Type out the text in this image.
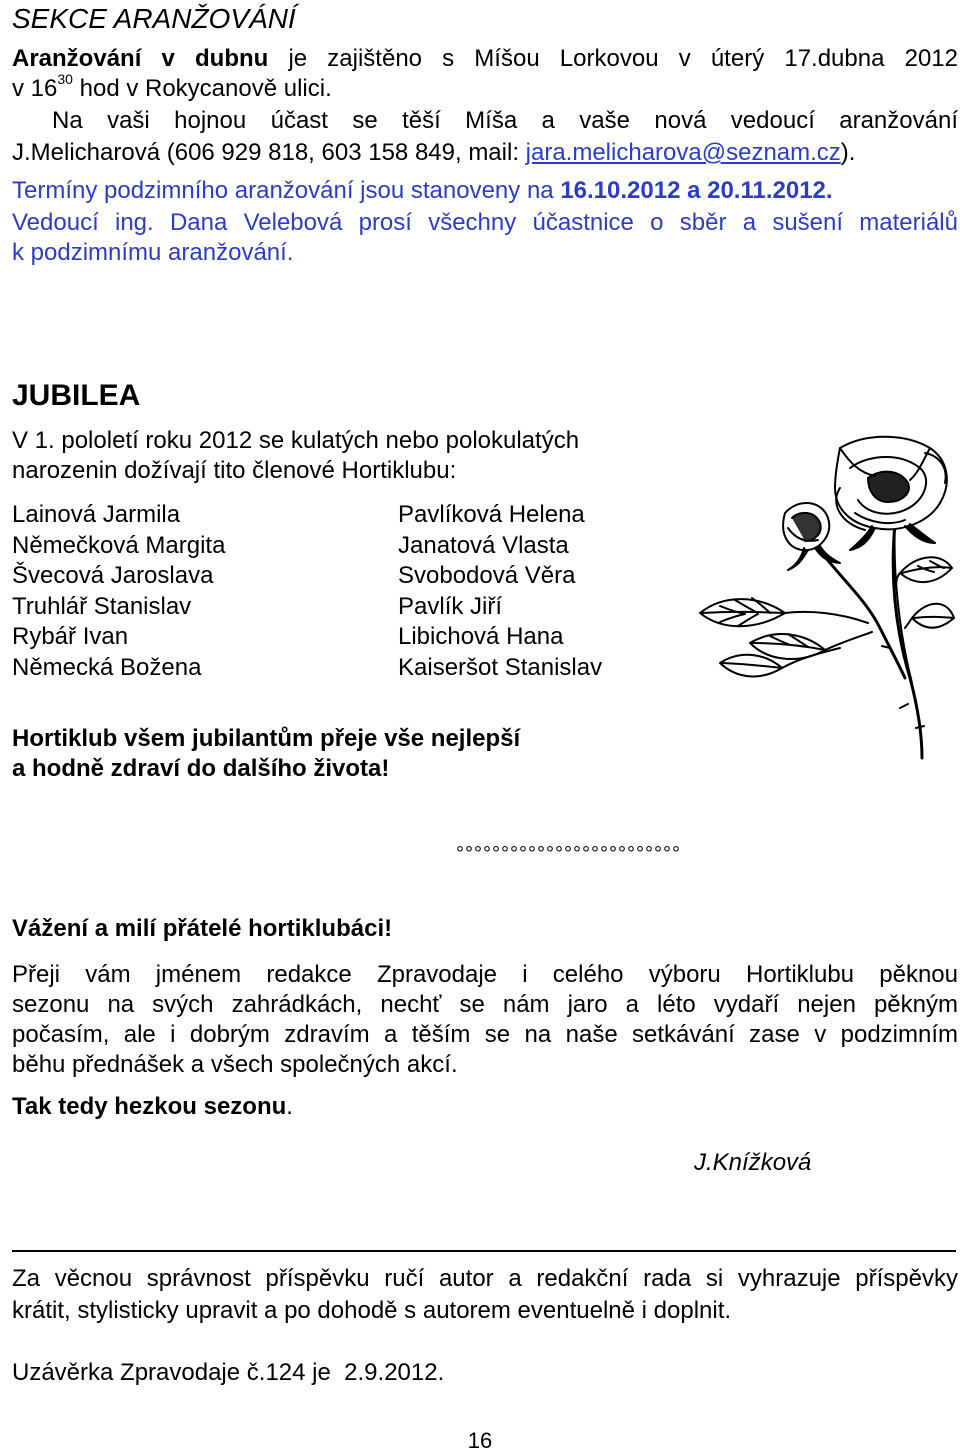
SEKCE ARANŽOVÁNÍ
Aranžování v dubnu je zajištěno s Míšou Lorkovou v úterý 17.dubna 2012
v $16^{30}$ hod v Rokycanově ulici.
Na vaši hojnou účast se těší Míša a vaše nová vedoucí aranžování
J.Melicharová (606 929 818, 603 158 849, mail: jara.melicharova@seznam.cz).
Termíny podzimního aranžování jsou stanoveny na 16.10.2012 a 20.11.2012.
Vedoucí ing. Dana Velebová prosí všechny účastnice o sběr a sušení materiálů
k podzimnímu aranžování.
JUBILEA
V 1. pololetí roku 2012 se kulatých nebo polokulatých
narozenin dožívají tito členové Hortiklubu:
Lainová Jarmila
Němečková Margita
Švecová Jaroslava
Truhlář Stanislav
Rybář Ivan
Německá Božena
Pavlíková Helena
Janatová Vlasta
Svobodová Věra
Pavlík Jiří
Libichová Hana
Kaiseršot Stanislav
Hortiklub všem jubilantům přeje vše nejlepší
a hodně zdraví do dalšího života!
°°°°°°°°°°°°°°°°°°°°°°°°°
Vážení a milí přátelé hortiklubáci!
Přeji vám jménem redakce Zpravodaje i celého výboru Hortiklubu pěknou
sezonu na svých zahrádkách, nechť se nám jaro a léto vydaří nejen pěkným
počasím, ale i dobrým zdravím a těším se na naše setkávání zase v podzimním
běhu přednášek a všech společných akcí.
Tak tedy hezkou sezonu.
J.Knížková
Za věcnou správnost příspěvku ručí autor a redakční rada si vyhrazuje příspěvky
krátit, stylisticky upravit a po dohodě s autorem eventuelně i doplnit.
Uzávěrka Zpravodaje č.124 je  2.9.2012.
16
